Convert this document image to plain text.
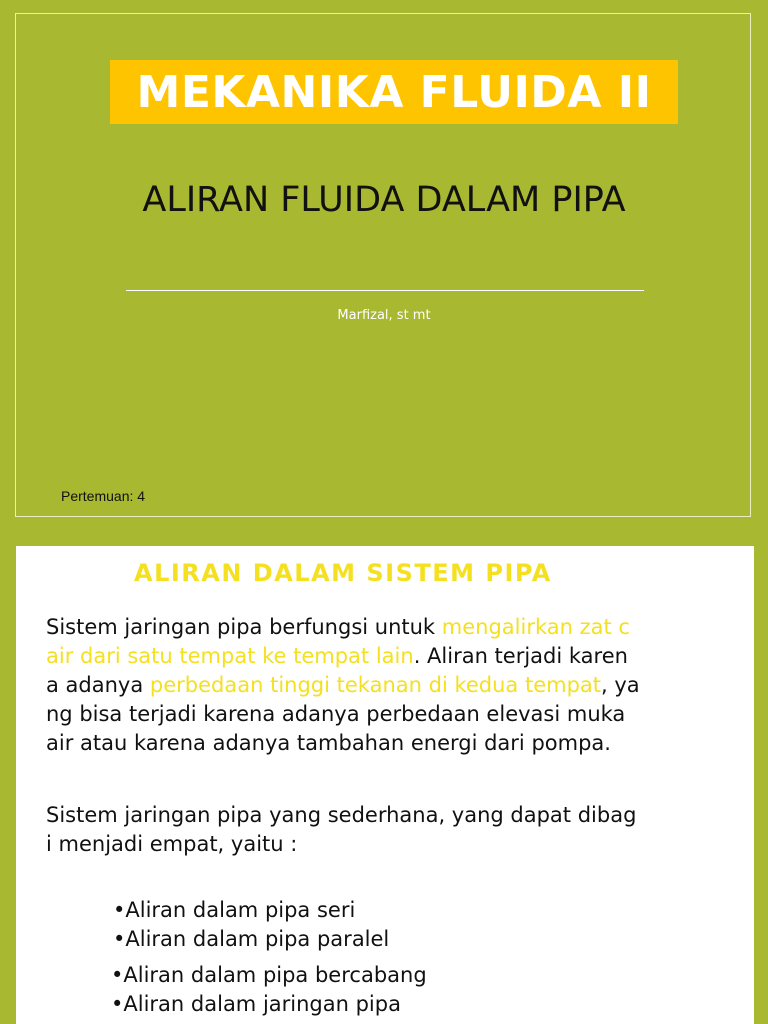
MEKANIKA FLUIDA II
ALIRAN FLUIDA DALAM PIPA
Marfizal, st mt
Pertemuan: 4
ALIRAN DALAM SISTEM PIPA
Sistem jaringan pipa berfungsi untuk mengalirkan zat c
air dari satu tempat ke tempat lain. Aliran terjadi karen
a adanya perbedaan tinggi tekanan di kedua tempat, ya
ng bisa terjadi karena adanya perbedaan elevasi muka
air atau karena adanya tambahan energi dari pompa.
Sistem jaringan pipa yang sederhana, yang dapat dibag
i menjadi empat, yaitu :
•Aliran dalam pipa seri
•Aliran dalam pipa paralel
•Aliran dalam pipa bercabang
•Aliran dalam jaringan pipa
